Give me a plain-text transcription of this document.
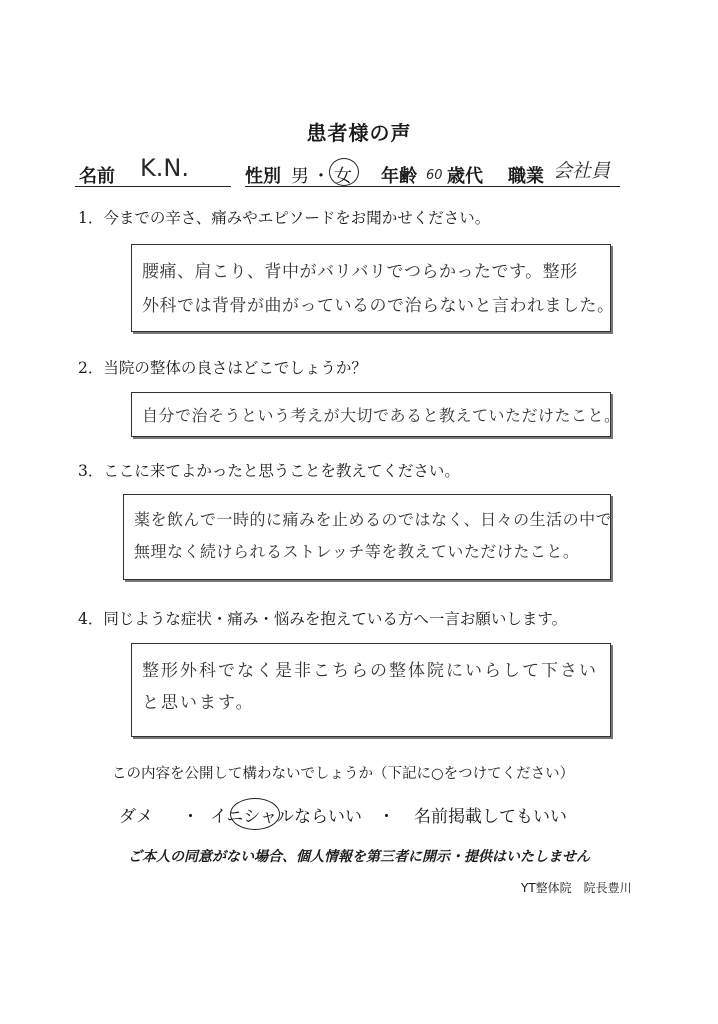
患者様の声
名前 K.N.	性別 男 ・ 女 年齢 60 歳代 職業 会社員
1．今までの辛さ、痛みやエピソードをお聞かせください。
腰痛、肩こり、背中がバリバリでつらかったです。整形
外科では背骨が曲がっているので治らないと言われました。
2．当院の整体の良さはどこでしょうか？
自分で治そうという考えが大切であると教えていただけたこと。
3．ここに来てよかったと思うことを教えてください。
薬を飲んで一時的に痛みを止めるのではなく、日々の生活の中で
無理なく続けられるストレッチ等を教えていただけたこと。
4．同じような症状・痛み・悩みを抱えている方へ一言お願いします。
整形外科でなく是非こちらの整体院にいらして下さい
と思います。
この内容を公開して構わないでしょうか（下記に○をつけてください）
ダメ ・ イニシャルならいい ・ 名前掲載してもいい
ご本人の同意がない場合、個人情報を第三者に開示・提供はいたしません
YT整体院　院長豊川
